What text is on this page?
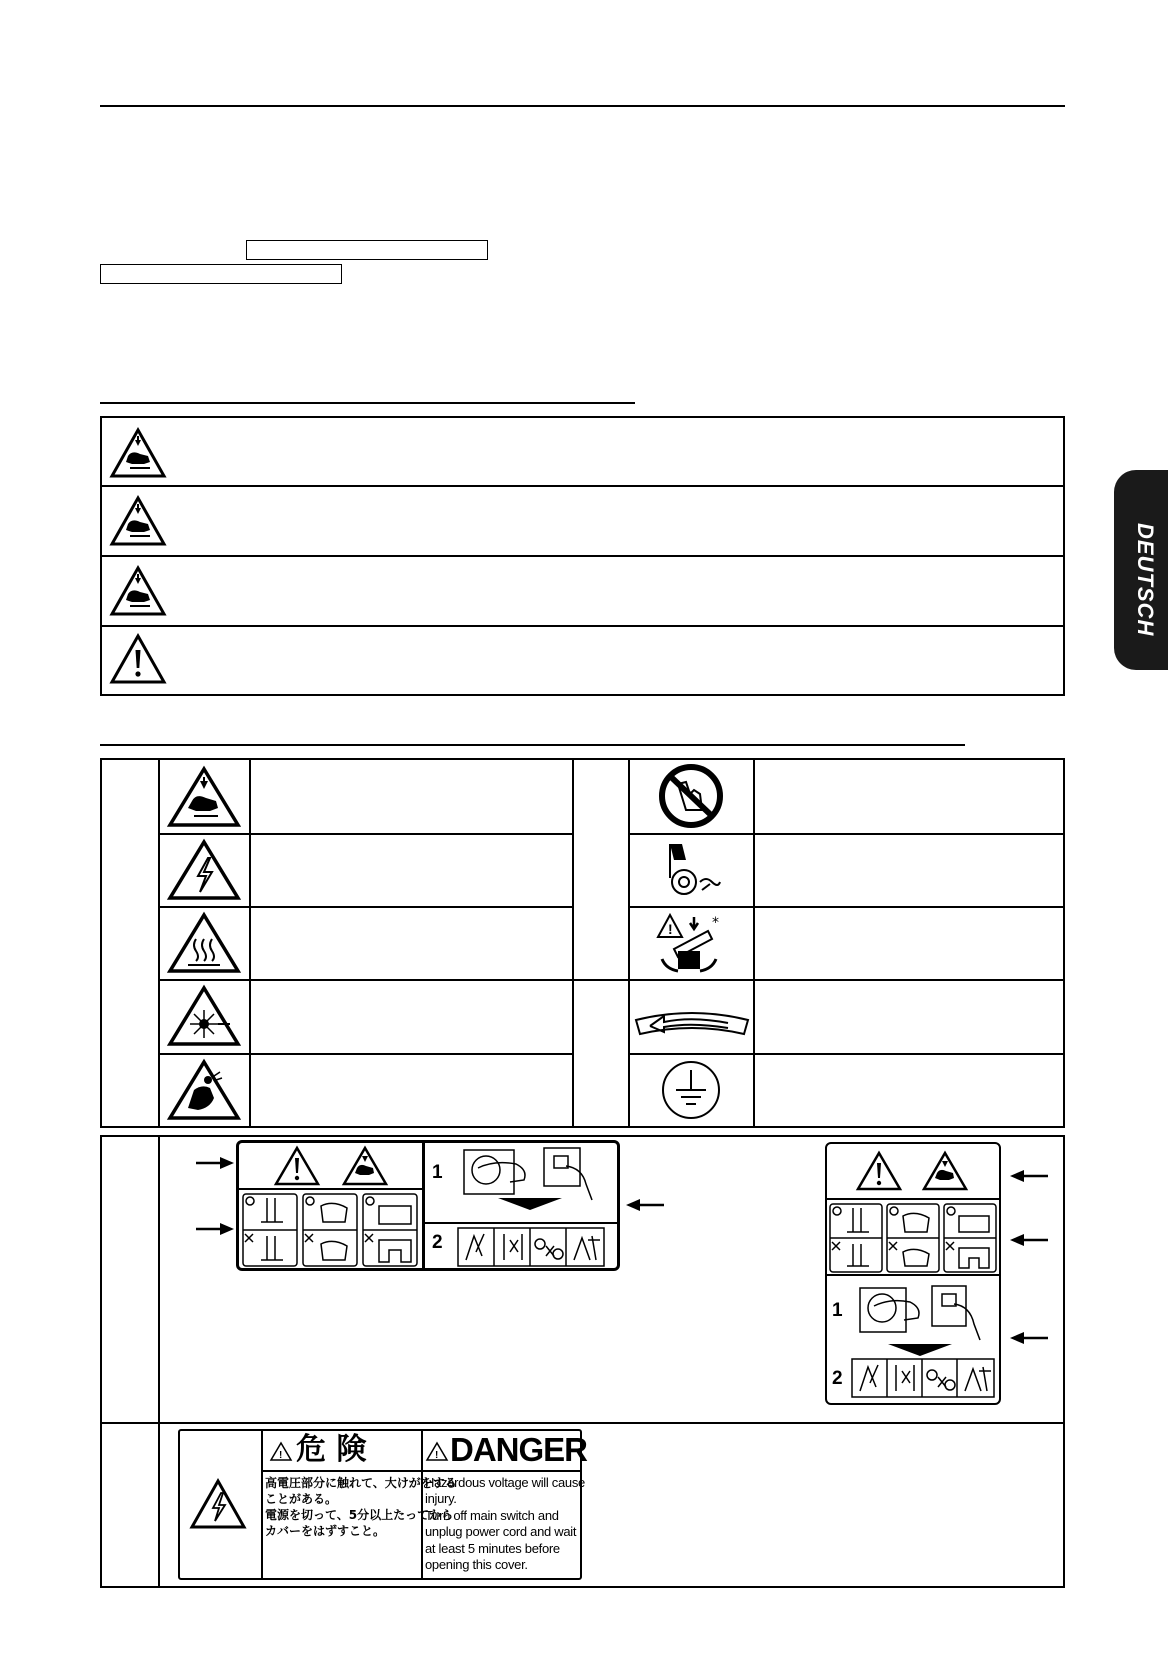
!	*
1
2
1
2
! 危 険	! DANGER
高電圧部分に触れて、大けがをする
ことがある。
電源を切って、5分以上たってから
カバーをはずすこと。
Hazardous voltage will cause
injury.
Turn off main switch and
unplug power cord and wait
at least 5 minutes before
opening this cover.
DEUTSCH
